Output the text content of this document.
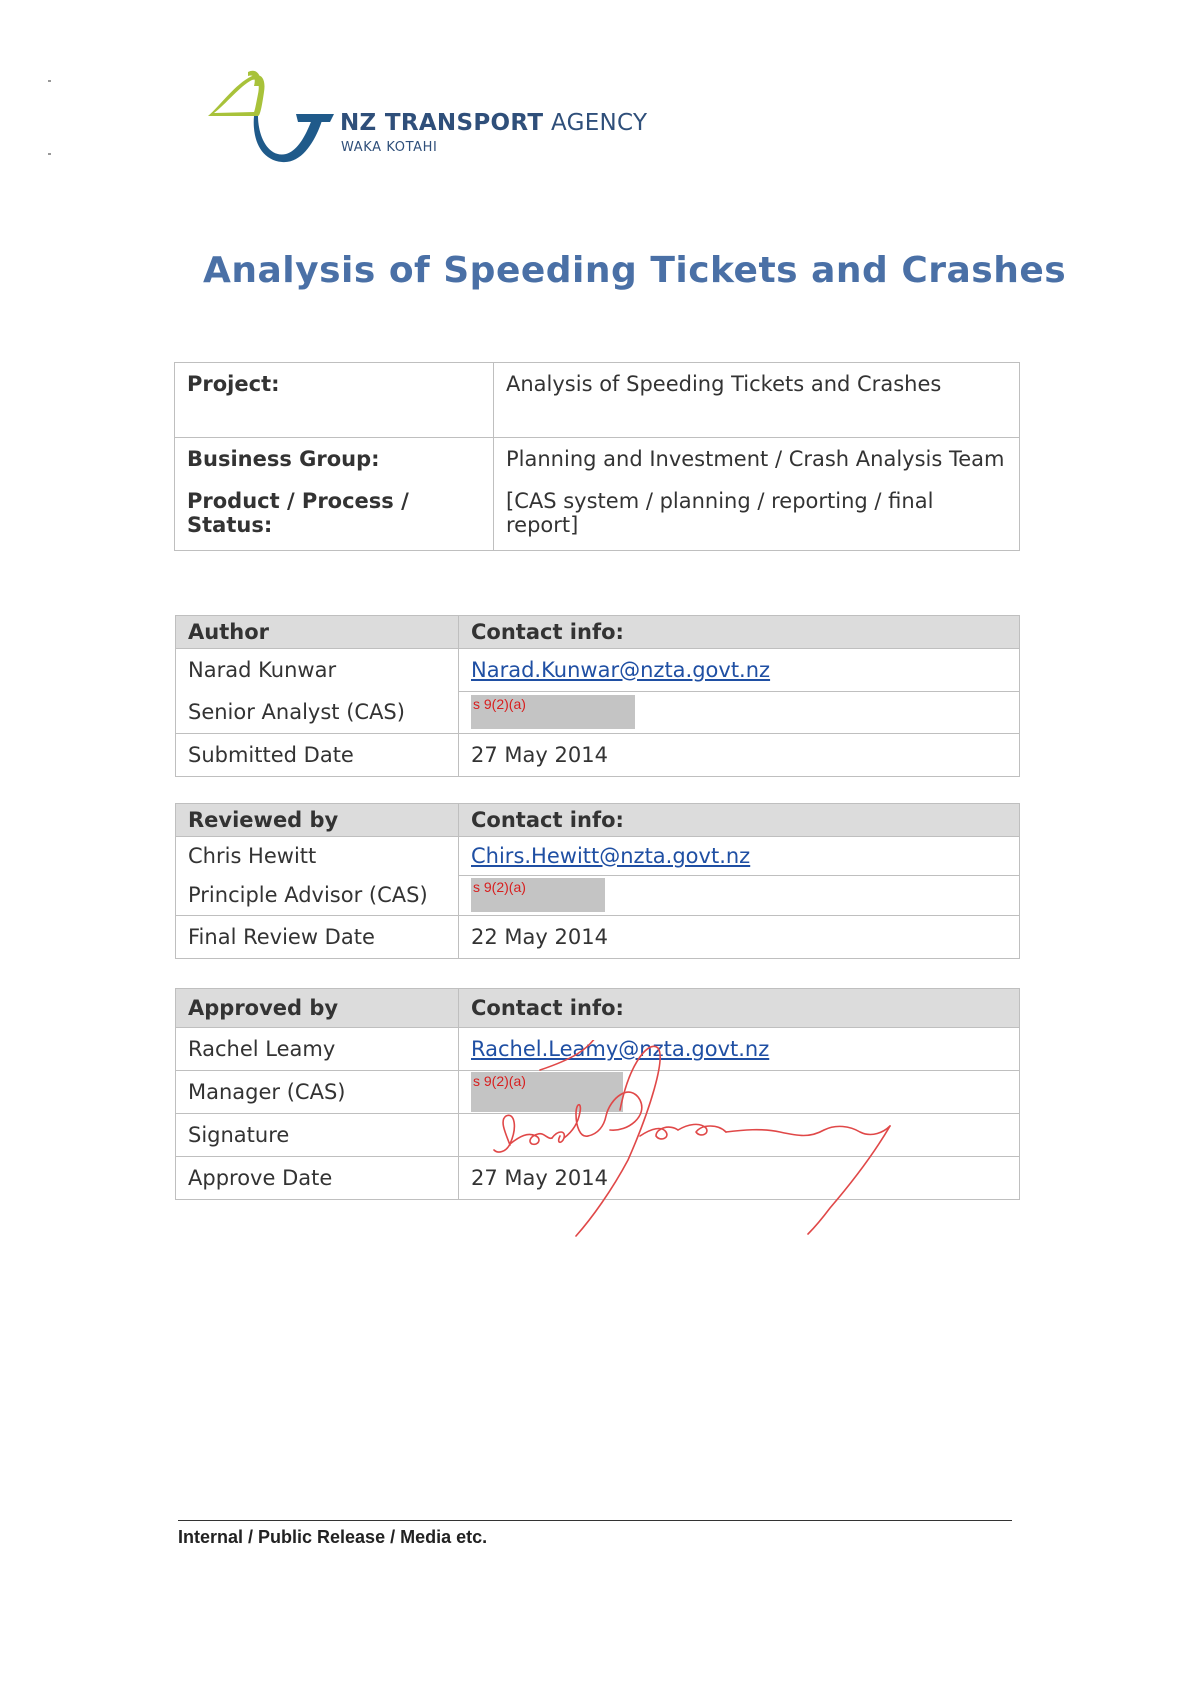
NZ TRANSPORT AGENCY
WAKA KOTAHI
Analysis of Speeding Tickets and Crashes
Project:	Analysis of Speeding Tickets and Crashes
Business Group:	Planning and Investment / Crash Analysis Team
Product / Process / Status:	[CAS system / planning / reporting / final report]
Author	Contact info:
Narad Kunwar	Narad.Kunwar@nzta.govt.nz
Senior Analyst (CAS)	s 9(2)(a)

Submitted Date	27 May 2014
Reviewed by	Contact info:
Chris Hewitt	Chirs.Hewitt@nzta.govt.nz
Principle Advisor (CAS)	s 9(2)(a)

Final Review Date	22 May 2014
Approved by	Contact info:
Rachel Leamy	Rachel.Leamy@nzta.govt.nz
Manager (CAS)	s 9(2)(a)

Signature	
Approve Date	27 May 2014
Internal / Public Release / Media etc.
